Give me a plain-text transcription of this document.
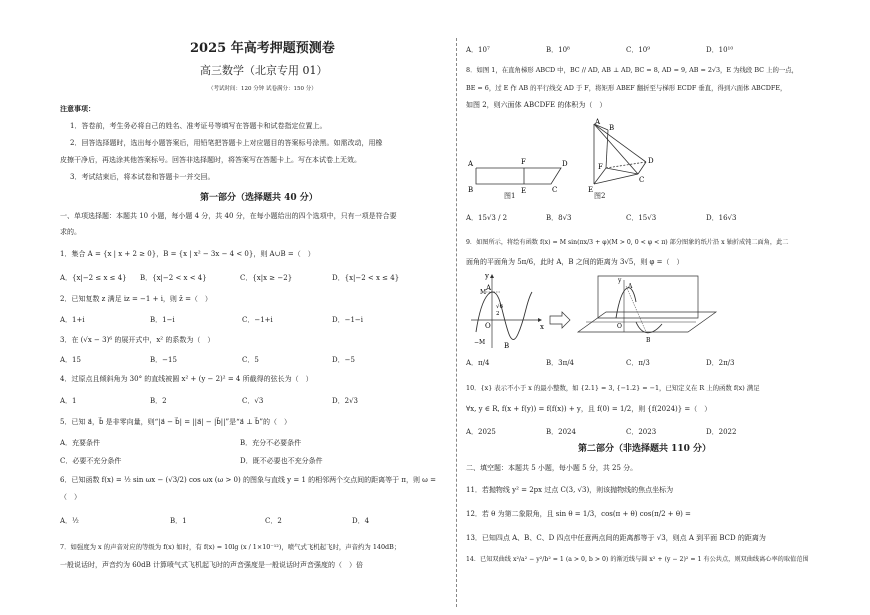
2025 年高考押题预测卷
高三数学（北京专用 01）
（考试时间：120 分钟 试卷满分：150 分）
注意事项：
1．答卷前，考生务必将自己的姓名、准考证号等填写在答题卡和试卷指定位置上。
2．回答选择题时，选出每小题答案后，用铅笔把答题卡上对应题目的答案标号涂黑。如需改动，用橡
皮擦干净后，再选涂其他答案标号。回答非选择题时，将答案写在答题卡上。写在本试卷上无效。
3．考试结束后，将本试卷和答题卡一并交回。
第一部分（选择题共 40 分）
一、单项选择题：本题共 10 小题，每小题 4 分，共 40 分，在每小题给出的四个选项中，只有一项是符合要
求的。
1．集合 A = {x | x + 2 ≥ 0}，B = {x | x² − 3x − 4 < 0}，则 A∪B =（　）
A．{x|−2 ≤ x ≤ 4} B．{x|−2 < x < 4}	C．{x|x ≥ −2}	D．{x|−2 < x ≤ 4}
2．已知复数 z 满足 iz = −1 + i，则 z̄ =（　）
A．1+i	B．1−i	C．−1+i	D．−1−i
3．在 (√x − 3)⁶ 的展开式中，x² 的系数为（　）
A．15	B．−15	C．5	D．−5
4．过原点且倾斜角为 30° 的直线被圆 x² + (y − 2)² = 4 所截得的弦长为（　）
A．1	B．2	C．√3	D．2√3
5．已知 a⃗，b⃗ 是非零向量，则“|a⃗ − b⃗| = ||a⃗| − |b⃗||”是“a⃗ ⊥ b⃗”的（　）
A．充要条件	B．充分不必要条件
C．必要不充分条件	D．既不必要也不充分条件
6．已知函数 f(x) = ½ sin ωx − (√3/2) cos ωx (ω > 0) 的图象与直线 y = 1 的相邻两个交点间的距离等于 π，则 ω =
（　）
A．½	B．1	C．2	D．4
7．如强度为 x 的声音对应的等级为 f(x) 如时，有 f(x) = 10lg (x / 1×10⁻¹²)，喷气式飞机起飞时，声音约为 140dB；
一般说话时，声音约为 60dB 计算喷气式飞机起飞时的声音强度是一般说话时声音强度的（　）倍
A．10⁷	B．10⁸	C．10⁹	D．10¹⁰
8．如图 1，在直角梯形 ABCD 中，BC // AD, AB ⊥ AD, BC = 8, AD = 9, AB = 2√3，E 为线段 BC 上的一点，
BE = 6，过 E 作 AB 的平行线交 AD 于 F，将矩形 ABEF 翻折至与梯形 ECDF 垂直，得到六面体 ABCDFE，
如图 2，则六面体 ABCDFE 的体积为（　）
A	D
F
B	E	C
图1
A
B
D
F
E
C
图2
A．15√3 / 2	B．8√3	C．15√3	D．16√3
9．如图所示，将绘有函数 f(x) = M sin(πx/3 + φ)(M > 0, 0 < φ < π) 部分图象的纸片沿 x 轴折成钝二面角，此二
面角的平面角为 5π/6，此时 A，B 之间的距离为 3√5，则 φ =（　）
y
x
O
A
B
M
−M
√6
2
y
A
B
O
A．π/4	B．3π/4	C．π/3	D．2π/3
10．{x} 表示不小于 x 的最小整数，如 {2.1} = 3, {−1.2} = −1，已知定义在 R 上的函数 f(x) 满足
∀x, y ∈ R, f(x + f(y)) = f(f(x)) + y，且 f(0) = 1/2，则 {f(2024)} =（　）
A．2025	B．2024	C．2023	D．2022
第二部分（非选择题共 110 分）
二、填空题：本题共 5 小题，每小题 5 分，共 25 分。
11．若抛物线 y² = 2px 过点 C(3, √3)，则该抛物线的焦点坐标为
12．若 θ 为第二象限角，且 sin θ = 1/3，cos(π + θ) cos(π/2 + θ) =
13．已知四点 A、B、C、D 四点中任意两点间的距离都等于 √3，则点 A 到平面 BCD 的距离为
14．已知双曲线 x²/a² − y²/b² = 1 (a > 0, b > 0) 的渐近线与圆 x² + (y − 2)² = 1 有公共点，则双曲线离心率的取值范围
